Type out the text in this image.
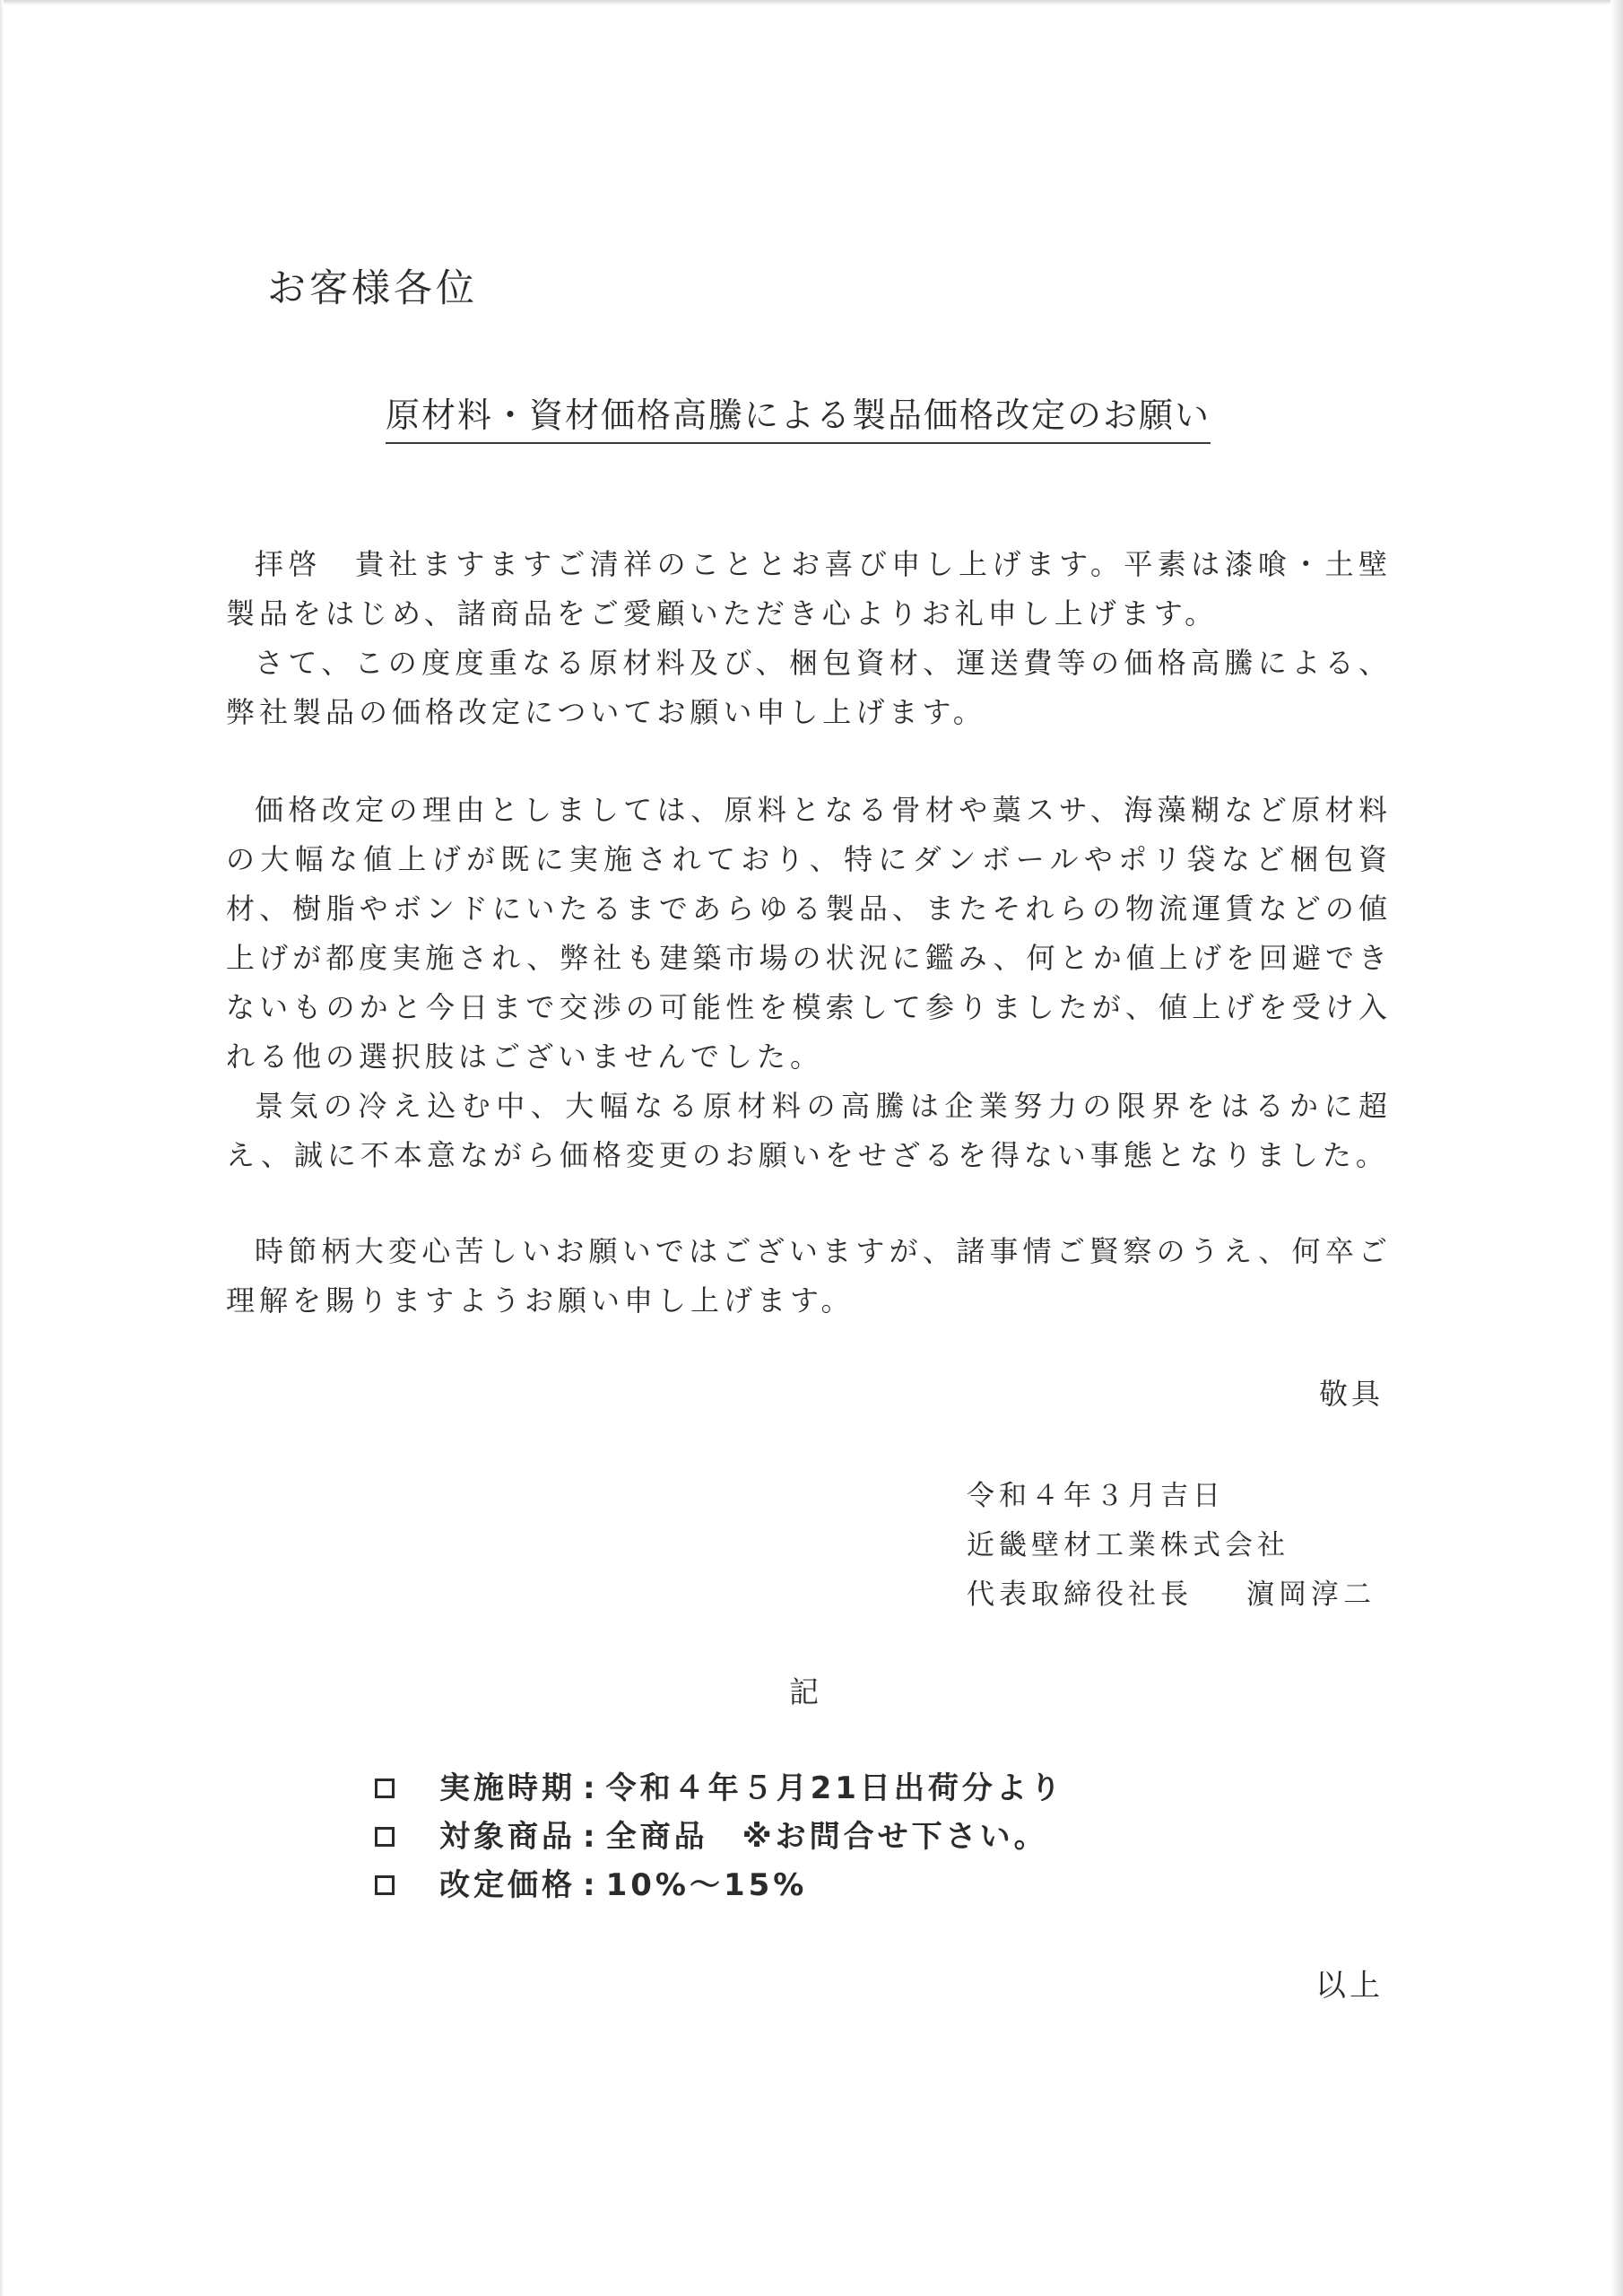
お客様各位
原材料・資材価格高騰による製品価格改定のお願い

拝啓　貴社ますますご清祥のこととお喜び申し上げます。平素は漆喰・土壁製品をはじめ、諸商品をご愛顧いただき心よりお礼申し上げます。

さて、この度度重なる原材料及び、梱包資材、運送費等の価格高騰による、弊社製品の価格改定についてお願い申し上げます。

価格改定の理由としましては、原料となる骨材や藁スサ、海藻糊など原材料の大幅な値上げが既に実施されており、特にダンボールやポリ袋など梱包資材、樹脂やボンドにいたるまであらゆる製品、またそれらの物流運賃などの値上げが都度実施され、弊社も建築市場の状況に鑑み、何とか値上げを回避できないものかと今日まで交渉の可能性を模索して参りましたが、値上げを受け入れる他の選択肢はございませんでした。

景気の冷え込む中、大幅なる原材料の高騰は企業努力の限界をはるかに超え、誠に不本意ながら価格変更のお願いをせざるを得ない事態となりました。

時節柄大変心苦しいお願いではございますが、諸事情ご賢察のうえ、何卒ご理解を賜りますようお願い申し上げます。

敬具
令和４年３月吉日
近畿壁材工業株式会社
代表取締役社長 濵岡淳二
記
実施時期 : 令和４年５月21日出荷分より
対象商品 : 全商品　※お問合せ下さい。
改定価格 : 10%～15%
以上
